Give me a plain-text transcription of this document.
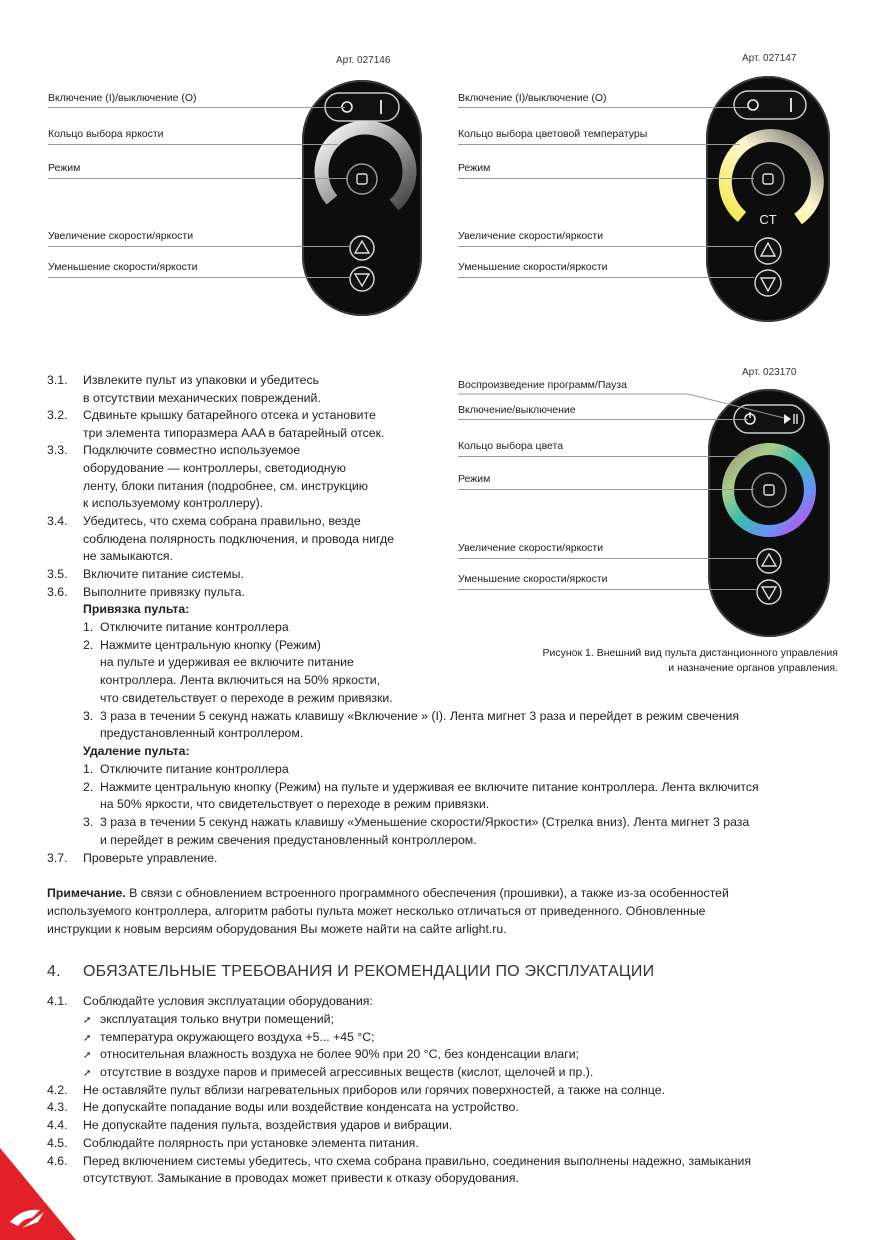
Арт. 027146
Включение (I)/выключение (O)
Кольцо выбора яркости
Режим
Увеличение скорости/яркости
Уменьшение скорости/яркости
Арт. 027147
CT
Включение (I)/выключение (O)
Кольцо выбора цветовой температуры
Режим
Увеличение скорости/яркости
Уменьшение скорости/яркости
Арт. 023170
Воспроизведение программ/Пауза
Включение/выключение
Кольцо выбора цвета
Режим
Увеличение скорости/яркости
Уменьшение скорости/яркости
Рисунок 1. Внешний вид пульта дистанционного управления
и назначение органов управления.
3.1. Извлеките пульт из упаковки и убедитесь
в отсутствии механических повреждений.
3.2. Сдвиньте крышку батарейного отсека и установите
три элемента типоразмера AAA в батарейный отсек.
3.3. Подключите совместно используемое
оборудование — контроллеры, светодиодную
ленту, блоки питания (подробнее, см. инструкцию
к используемому контроллеру).
3.4. Убедитесь, что схема собрана правильно, везде
соблюдена полярность подключения, и провода нигде
не замыкаются.
3.5. Включите питание системы.
3.6. Выполните привязку пульта.
Привязка пульта:
1. Отключите питание контроллера
2. Нажмите центральную кнопку (Режим)
на пульте и удерживая ее включите питание
контроллера. Лента включиться на 50% яркости,
что свидетельствует о переходе в режим привязки.
3. 3 раза в течении 5 секунд нажать клавишу «Включение » (I). Лента мигнет 3 раза и перейдет в режим свечения
предустановленный контроллером.
Удаление пульта:
1. Отключите питание контроллера
2. Нажмите центральную кнопку (Режим) на пульте и удерживая ее включите питание контроллера. Лента включится
на 50% яркости, что свидетельствует о переходе в режим привязки.
3. 3 раза в течении 5 секунд нажать клавишу «Уменьшение скорости/Яркости» (Стрелка вниз). Лента мигнет 3 раза
и перейдет в режим свечения предустановленный контроллером.
3.7. Проверьте управление.
Примечание. В связи с обновлением встроенного программного обеспечения (прошивки), а также из-за особенностей
используемого контроллера, алгоритм работы пульта может несколько отличаться от приведенного. Обновленные
инструкции к новым версиям оборудования Вы можете найти на сайте arlight.ru.
4. ОБЯЗАТЕЛЬНЫЕ ТРЕБОВАНИЯ И РЕКОМЕНДАЦИИ ПО ЭКСПЛУАТАЦИИ
4.1. Соблюдайте условия эксплуатации оборудования:
➚ эксплуатация только внутри помещений;
➚ температура окружающего воздуха +5... +45 °C;
➚ относительная влажность воздуха не более 90% при 20 °C, без конденсации влаги;
➚ отсутствие в воздухе паров и примесей агрессивных веществ (кислот, щелочей и пр.).
4.2. Не оставляйте пульт вблизи нагревательных приборов или горячих поверхностей, а также на солнце.
4.3. Не допускайте попадание воды или воздействие конденсата на устройство.
4.4. Не допускайте падения пульта, воздействия ударов и вибрации.
4.5. Соблюдайте полярность при установке элемента питания.
4.6. Перед включением системы убедитесь, что схема собрана правильно, соединения выполнены надежно, замыкания
отсутствуют. Замыкание в проводах может привести к отказу оборудования.
